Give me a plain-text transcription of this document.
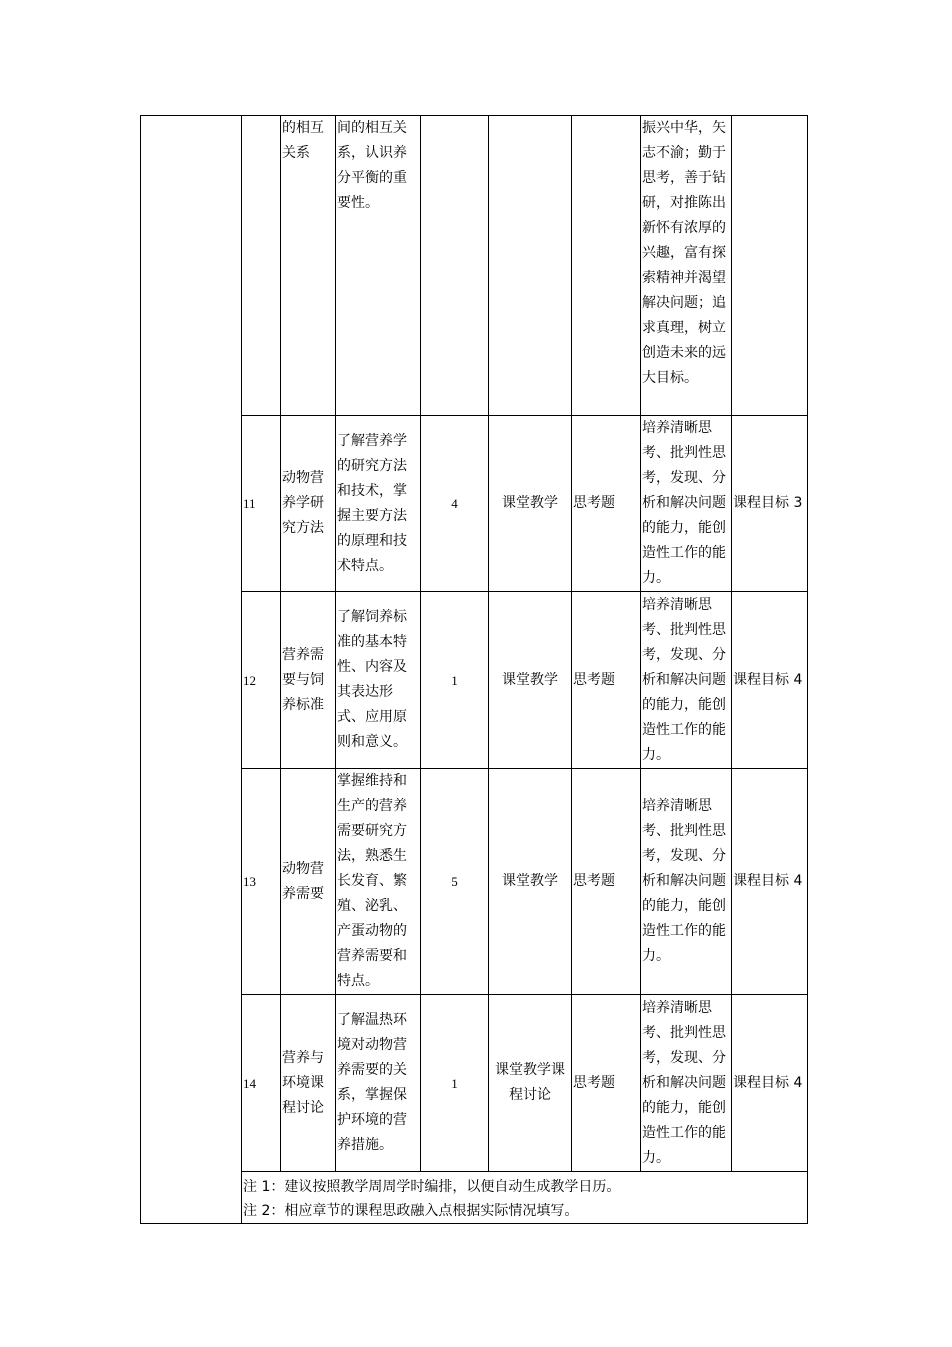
		的相互关系	间的相互关系，认识养分平衡的重要性。				振兴中华，矢志不渝；勤于思考，善于钻研，对推陈出新怀有浓厚的兴趣，富有探索精神并渴望解决问题；追求真理，树立创造未来的远大目标。	
	11	动物营养学研究方法	了解营养学的研究方法和技术，掌握主要方法的原理和技术特点。	4	课堂教学	思考题	培养清晰思考、批判性思考，发现、分析和解决问题的能力，能创造性工作的能力。	课程目标 3
	12	营养需要与饲养标准	了解饲养标准的基本特性、内容及其表达形式、应用原则和意义。	1	课堂教学	思考题	培养清晰思考、批判性思考，发现、分析和解决问题的能力，能创造性工作的能力。	课程目标 4
	13	动物营养需要	掌握维持和生产的营养需要研究方法，熟悉生长发育、繁殖、泌乳、产蛋动物的营养需要和特点。	5	课堂教学	思考题	培养清晰思考、批判性思考，发现、分析和解决问题的能力，能创造性工作的能力。	课程目标 4
	14	营养与环境课程讨论	了解温热环境对动物营养需要的关系，掌握保护环境的营养措施。	1	课堂教学课程讨论	思考题	培养清晰思考、批判性思考，发现、分析和解决问题的能力，能创造性工作的能力。	课程目标 4

	注 1：建议按照教学周周学时编排，以便自动生成教学日历。
注 2：相应章节的课程思政融入点根据实际情况填写。							
